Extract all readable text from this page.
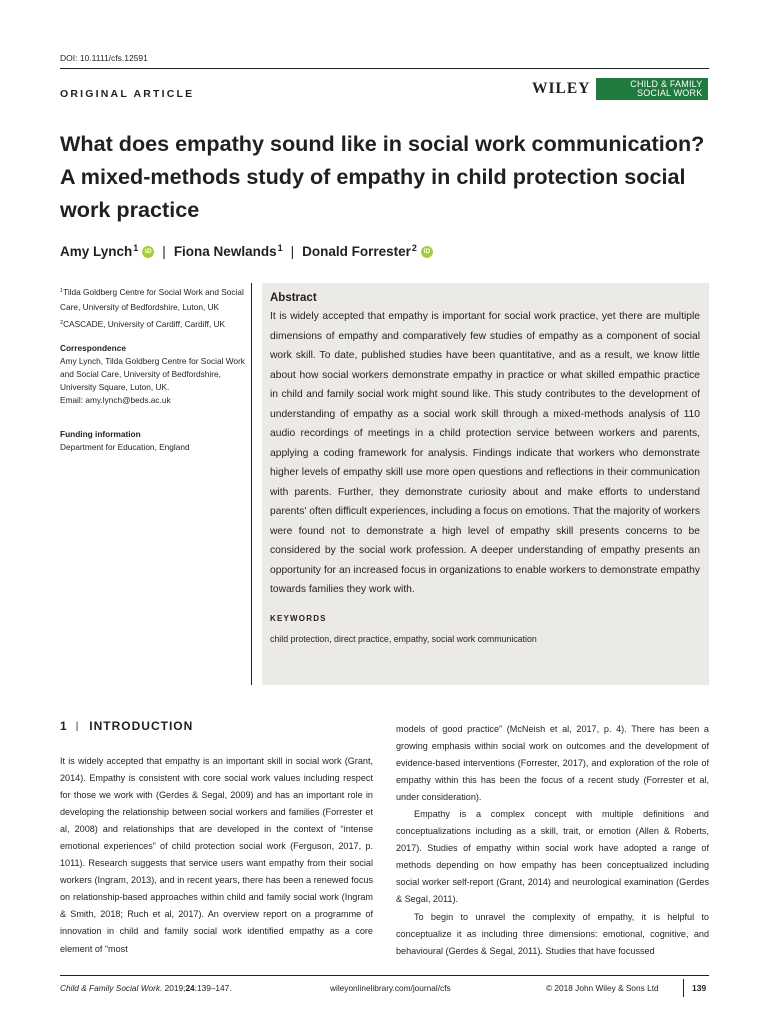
DOI: 10.1111/cfs.12591
ORIGINAL ARTICLE	WILEY	CHILD & FAMILY
SOCIAL WORK
What does empathy sound like in social work communication? A mixed-methods study of empathy in child protection social work practice
Amy Lynch$^1$	iD | Fiona Newlands$^1$ | Donald Forrester$^2$	iD

$^1$Tilda Goldberg Centre for Social Work and Social Care, University of Bedfordshire, Luton, UK

$^2$CASCADE, University of Cardiff, Cardiff, UK

Correspondence
Amy Lynch, Tilda Goldberg Centre for Social Work and Social Care, University of Bedfordshire, University Square, Luton, UK.
Email: amy.lynch@beds.ac.uk
Funding information
Department for Education, England
Abstract
It is widely accepted that empathy is important for social work practice, yet there are multiple dimensions of empathy and comparatively few studies of empathy as a component of social work skill. To date, published studies have been quantitative, and as a result, we know little about how social workers demonstrate empathy in practice or what skilled empathic practice in child and family social work might sound like. This study contributes to the development of understanding of empathy as a social work skill through a mixed-methods analysis of 110 audio recordings of meetings in a child protection service between workers and parents, applying a coding framework for analysis. Findings indicate that workers who demonstrate higher levels of empathy skill use more open questions and reflections in their communication with parents. Further, they demonstrate curiosity about and make efforts to understand parents' often difficult experiences, including a focus on emotions. That the majority of workers were found not to demonstrate a high level of empathy skill presents concerns to be considered by the social work profession. A deeper understanding of empathy presents an opportunity for an increased focus in organizations to enable workers to demonstrate empathy towards families they work with.
KEYWORDS
child protection, direct practice, empathy, social work communication
1 | INTRODUCTION

It is widely accepted that empathy is an important skill in social work (Grant, 2014). Empathy is consistent with core social work values including respect for those we work with (Gerdes & Segal, 2009) and has an important role in developing the relationship between social workers and families (Forrester et al, 2008) and relationships that are developed in the context of “intense emotional experiences” of child protection social work (Ferguson, 2017, p. 1011). Research suggests that service users want empathy from their social workers (Ingram, 2013), and in recent years, there has been a renewed focus on relationship-based approaches within child and family social work (Ingram & Smith, 2018; Ruch et al, 2017). An overview report on a programme of innovation in child and family social work identified empathy as a core element of “most

models of good practice” (McNeish et al, 2017, p. 4). There has been a growing emphasis within social work on outcomes and the development of evidence-based interventions (Forrester, 2017), and exploration of the role of empathy within this has been the focus of a recent study (Forrester et al, under consideration).

Empathy is a complex concept with multiple definitions and conceptualizations including as a skill, trait, or emotion (Allen & Roberts, 2017). Studies of empathy within social work have adopted a range of methods depending on how empathy has been conceptualized including social worker self-report (Grant, 2014) and neurological examination (Gerdes & Segal, 2011).

To begin to unravel the complexity of empathy, it is helpful to conceptualize it as including three dimensions: emotional, cognitive, and behavioural (Gerdes & Segal, 2011). Studies that have focussed

Child & Family Social Work. 2019;24:139–147.	wileyonlinelibrary.com/journal/cfs	© 2018 John Wiley & Sons Ltd	139
